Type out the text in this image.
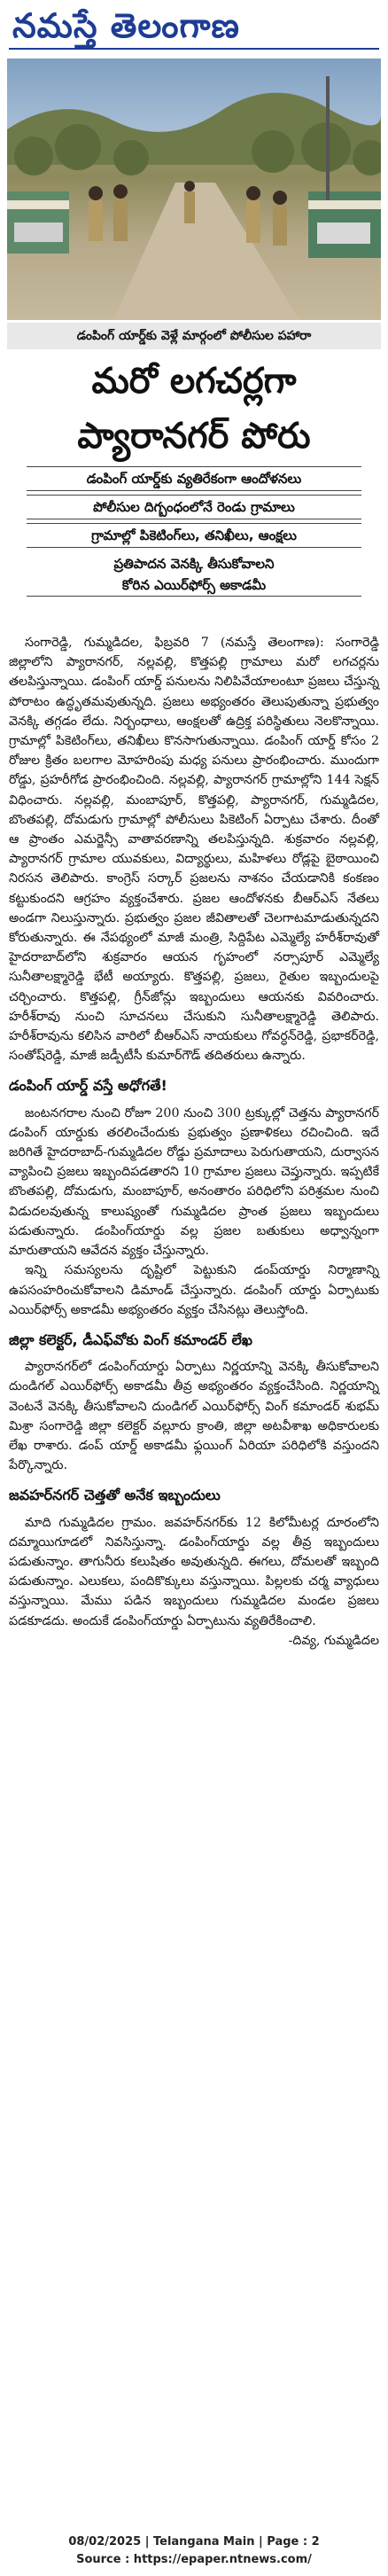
నమస్తే తెలంగాణ
డంపింగ్ యార్డ్‌కు వెళ్లే మార్గంలో పోలీసుల పహారా
మరో లగచర్లగా
ప్యారానగర్ పోరు
డంపింగ్ యార్డ్‌కు వ్యతిరేకంగా ఆందోళనలు
పోలీసుల దిగ్బంధంలోనే రెండు గ్రామాలు
గ్రామాల్లో పికెటింగ్‌లు, తనిఖీలు, ఆంక్షలు
ప్రతిపాదన వెనక్కి తీసుకోవాలని
కోరిన ఎయిర్‌ఫోర్స్ అకాడమీ

సంగారెడ్డి, గుమ్మడిదల, ఫిబ్రవరి 7 (నమస్తే తెలంగాణ): సంగారెడ్డి జిల్లాలోని ప్యారానగర్, నల్లవల్లి, కొత్తపల్లి గ్రామాలు మరో లగచర్లను తలపిస్తున్నాయి. డంపింగ్ యార్డ్ పనులను నిలిపివేయాలంటూ ప్రజలు చేస్తున్న పోరాటం ఉద్ధృతమవుతున్నది. ప్రజలు అభ్యంతరం తెలుపుతున్నా ప్రభుత్వం వెనక్కి తగ్గడం లేదు. నిర్బంధాలు, ఆంక్షలతో ఉద్రిక్త పరిస్థితులు నెలకొన్నాయి. గ్రామాల్లో పికెటింగ్‌లు, తనిఖీలు కొనసాగుతున్నాయి. డంపింగ్ యార్డ్ కోసం 2 రోజుల క్రితం బలగాల మోహరింపు మధ్య పనులు ప్రారంభించారు. ముందుగా రోడ్డు, ప్రహరీగోడ ప్రారంభించింది. నల్లవల్లి, ప్యారానగర్ గ్రామాల్లోని 144 సెక్షన్ విధించారు. నల్లవల్లి, మంబాపూర్, కొత్తపల్లి, ప్యారానగర్, గుమ్మడిదల, బొంతపల్లి, దోమడుగు గ్రామాల్లో పోలీసులు పికెటింగ్ ఏర్పాటు చేశారు. దీంతో ఆ ప్రాంతం ఎమర్జెన్సీ వాతావరణాన్ని తలపిస్తున్నది. శుక్రవారం నల్లవల్లి, ప్యారానగర్ గ్రామాల యువకులు, విద్యార్థులు, మహిళలు రోడ్లపై బైఠాయించి నిరసన తెలిపారు. కాంగ్రెస్ సర్కార్ ప్రజలను నాశనం చేయడానికి కంకణం కట్టుకుందని ఆగ్రహం వ్యక్తంచేశారు. ప్రజల ఆందోళనకు బీఆర్ఎస్ నేతలు అండగా నిలుస్తున్నారు. ప్రభుత్వం ప్రజల జీవితాలతో చెలగాటమాడుతున్నదని కోరుతున్నారు. ఈ నేపథ్యంలో మాజీ మంత్రి, సిద్దిపేట ఎమ్మెల్యే హరీశ్‌రావుతో హైదరాబాద్‌లోని శుక్రవారం ఆయన గృహంలో నర్సాపూర్ ఎమ్మెల్యే సునీతాలక్ష్మారెడ్డి భేటీ అయ్యారు. కొత్తపల్లి, ప్రజలు, రైతుల ఇబ్బందులపై చర్చించారు. కొత్తపల్లి, గ్రీన్‌జోన్లు ఇబ్బందులు ఆయనకు వివరించారు. హరీశ్‌రావు నుంచి సూచనలు చేసుకుని సునీతాలక్ష్మారెడ్డి తెలిపారు. హరీశ్‌రావును కలిసిన వారిలో బీఆర్ఎస్ నాయకులు గోవర్ధన్‌రెడ్డి, ప్రభాకర్‌రెడ్డి, సంతోష్‌రెడ్డి, మాజీ జడ్పీటీసీ కుమార్‌గౌడ్ తదితరులు ఉన్నారు.

డంపింగ్ యార్డ్ వస్తే అధోగతే!

జంటనగరాల నుంచి రోజూ 200 నుంచి 300 ట్రక్కుల్లో చెత్తను ప్యారానగర్ డంపింగ్ యార్డుకు తరలించేందుకు ప్రభుత్వం ప్రణాళికలు రచించింది. ఇదే జరిగితే హైదరాబాద్-గుమ్మడిదల రోడ్డు ప్రమాదాలు పెరుగుతాయని, దుర్వాసన వ్యాపించి ప్రజలు ఇబ్బందిపడతారని 10 గ్రామాల ప్రజలు చెప్తున్నారు. ఇప్పటికే బొంతపల్లి, దోమడుగు, మంబాపూర్, అనంతారం పరిధిలోని పరిశ్రమల నుంచి విడుదలవుతున్న కాలుష్యంతో గుమ్మడిదల ప్రాంత ప్రజలు ఇబ్బందులు పడుతున్నారు. డంపింగ్‌యార్డు వల్ల ప్రజల బతుకులు అధ్వాన్నంగా మారుతాయని ఆవేదన వ్యక్తం చేస్తున్నారు.

ఇన్ని సమస్యలను దృష్టిలో పెట్టుకుని డంప్‌యార్డు నిర్మాణాన్ని ఉపసంహరించుకోవాలని డిమాండ్ చేస్తున్నారు. డంపింగ్ యార్డు ఏర్పాటుకు ఎయిర్‌ఫోర్స్ అకాడమీ అభ్యంతరం వ్యక్తం చేసినట్లు తెలుస్తోంది.

జిల్లా కలెక్టర్, డీఎఫ్‌వోకు వింగ్ కమాండర్ లేఖ

ప్యారానగర్‌లో డంపింగ్‌యార్డు ఏర్పాటు నిర్ణయాన్ని వెనక్కి తీసుకోవాలని దుండిగల్ ఎయిర్‌ఫోర్స్ అకాడమీ తీవ్ర అభ్యంతరం వ్యక్తంచేసింది. నిర్ణయాన్ని వెంటనే వెనక్కి తీసుకోవాలని దుండిగల్ ఎయిర్‌ఫోర్స్ వింగ్ కమాండర్ శుభమ్ మిశ్రా సంగారెడ్డి జిల్లా కలెక్టర్ వల్లూరు క్రాంతి, జిల్లా అటవీశాఖ అధికారులకు లేఖ రాశారు. డంప్ యార్డ్ అకాడమీ ఫ్లయింగ్ ఏరియా పరిధిలోకి వస్తుందని పేర్కొన్నారు.

జవహర్‌నగర్ చెత్తతో అనేక ఇబ్బందులు

మాది గుమ్మడిదల గ్రామం. జవహర్‌నగర్‌కు 12 కిలోమీటర్ల దూరంలోని దమ్మాయిగూడలో నివసిస్తున్నా. డంపింగ్‌యార్డు వల్ల తీవ్ర ఇబ్బందులు పడుతున్నాం. తాగునీరు కలుషితం అవుతున్నది. ఈగలు, దోమలతో ఇబ్బంది పడుతున్నాం. ఎలుకలు, పందికొక్కులు వస్తున్నాయి. పిల్లలకు చర్మ వ్యాధులు వస్తున్నాయి. మేము పడిన ఇబ్బందులు గుమ్మడిదల మండల ప్రజలు పడకూడదు. అందుకే డంపింగ్‌యార్డు ఏర్పాటును వ్యతిరేకించాలి.

-దివ్య, గుమ్మడిదల

08/02/2025 | Telangana Main | Page : 2
Source : https://epaper.ntnews.com/
